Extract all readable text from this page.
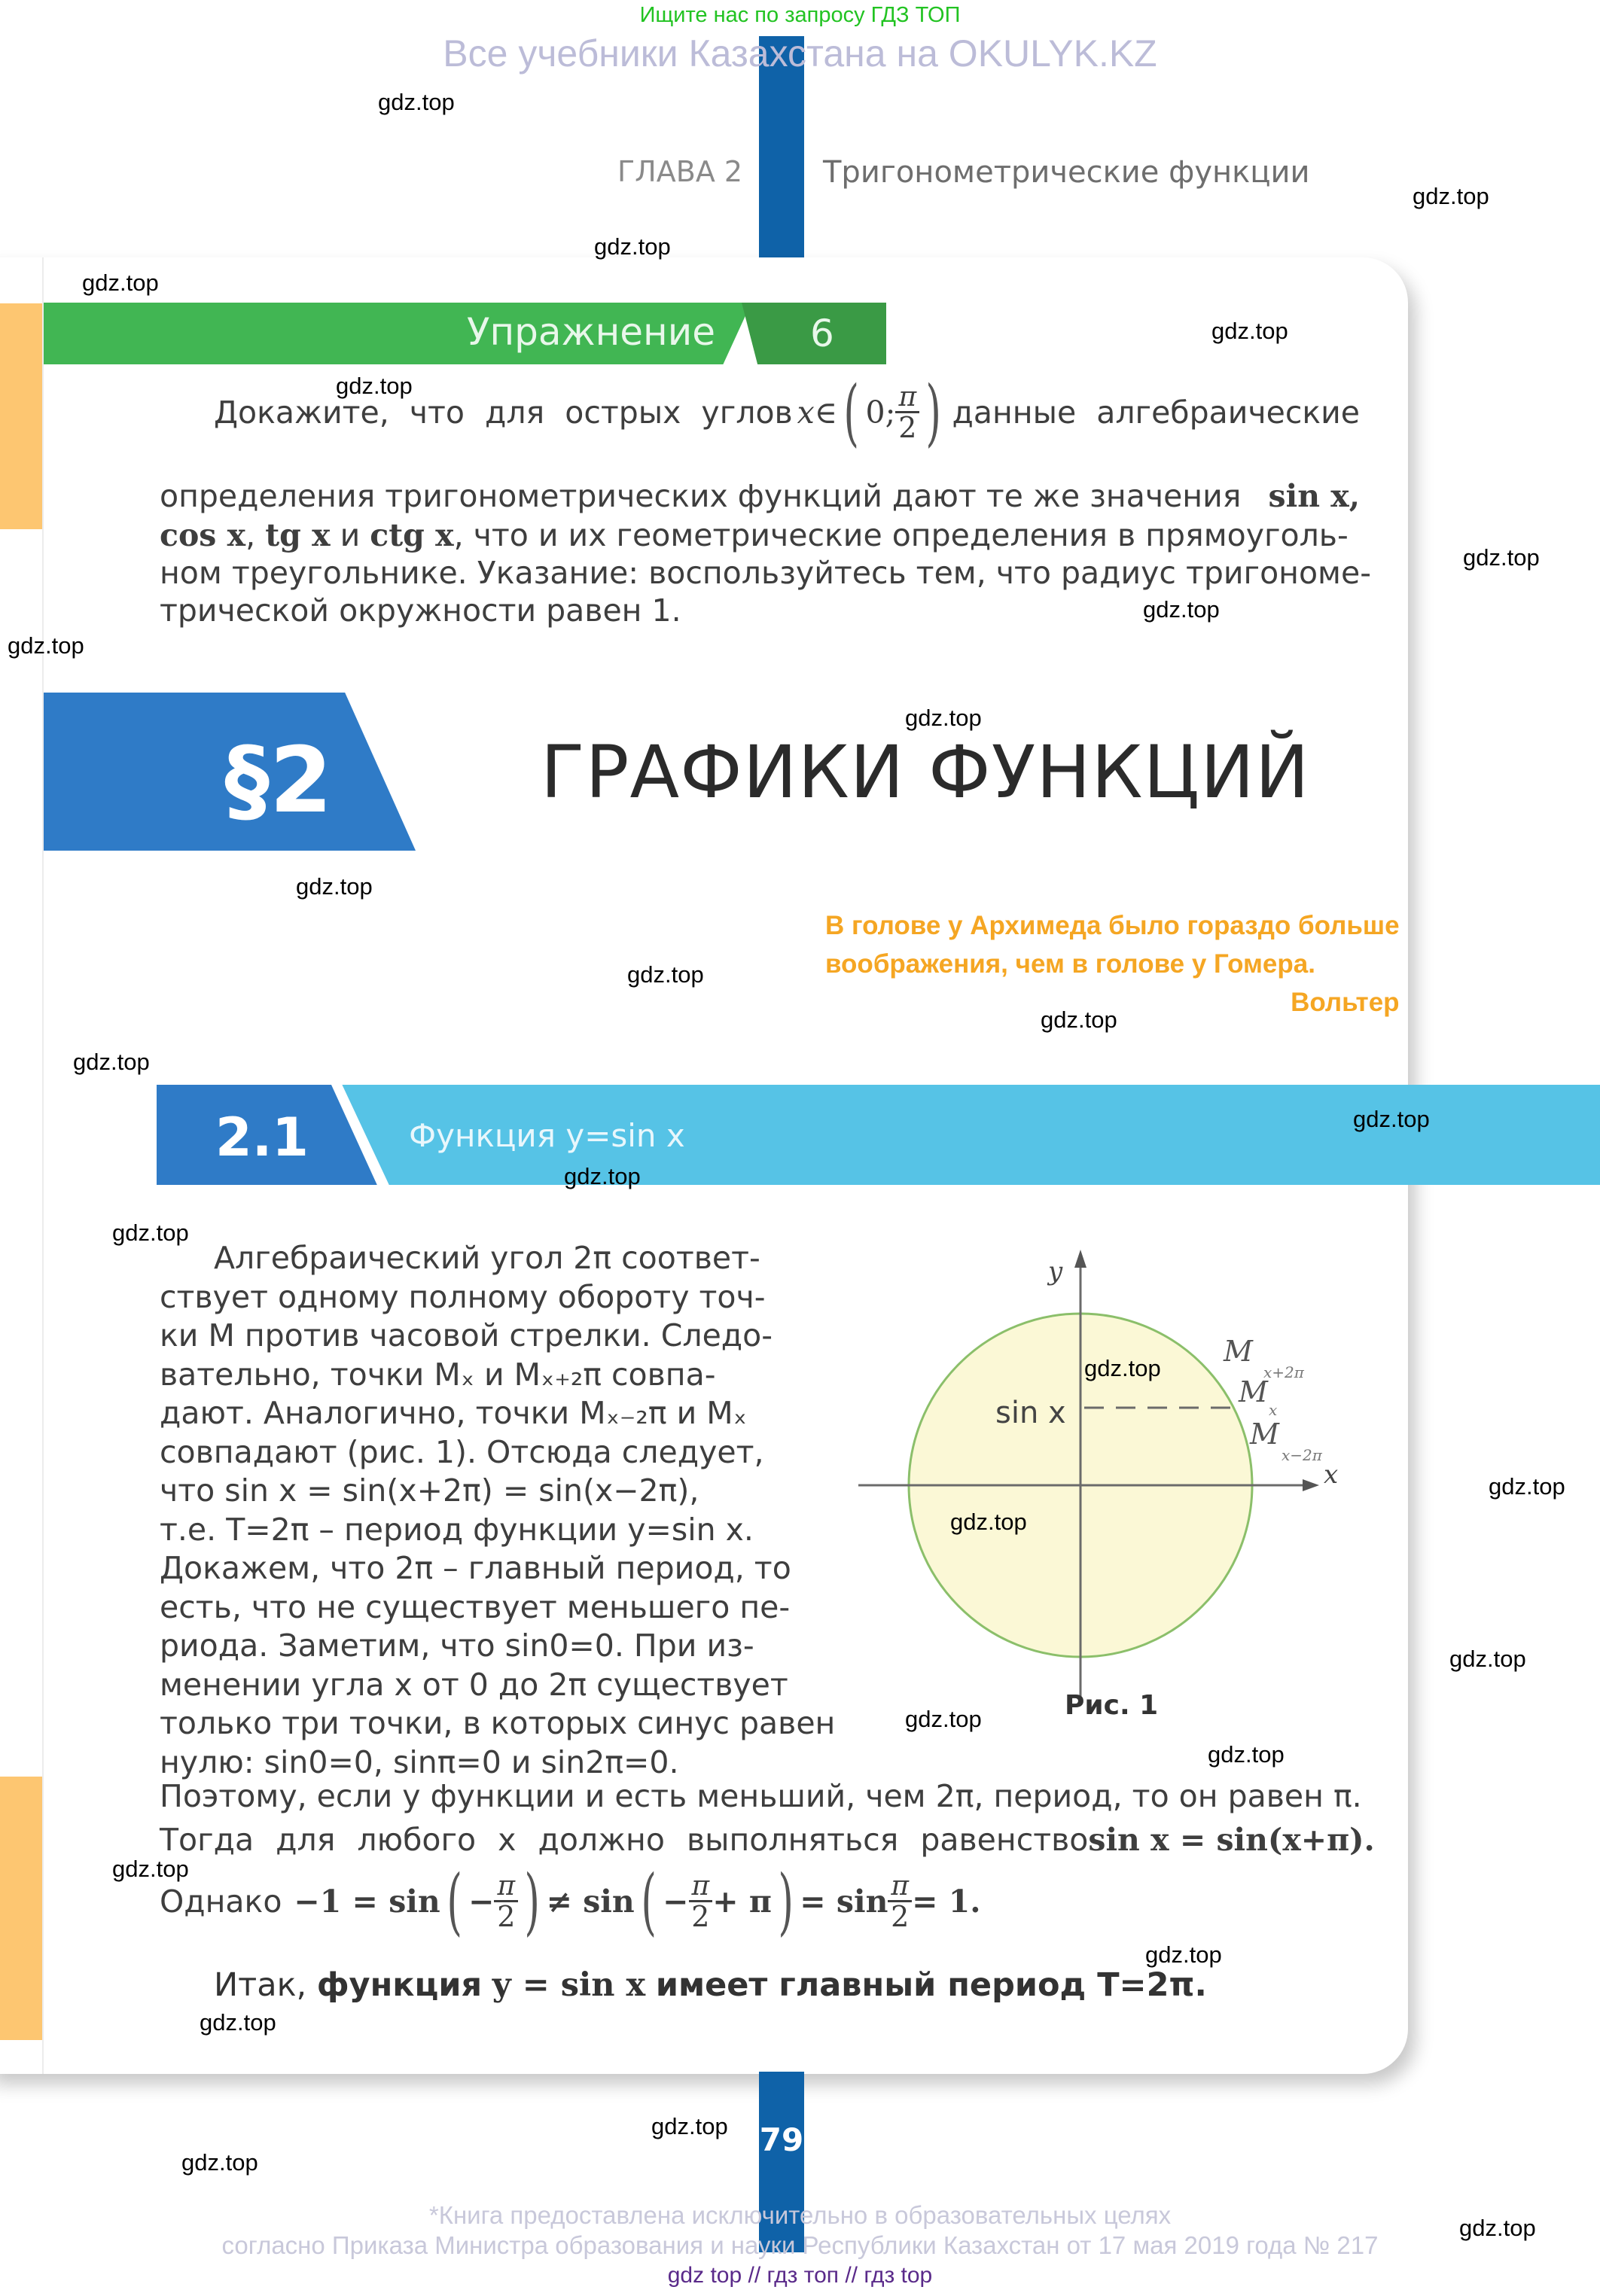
Ищите нас по запросу ГДЗ ТОП
Все учебники Казахстана на OKULYK.KZ
ГЛАВА 2	Тригонометрические функции
Упражнение	6
Докажите, что для острых углов x ∈ ( 0; $\frac{\pi}{2}$ ) данные алгебраические
определения тригонометрических функций дают те же значения sin x,
cos x, tg x и ctg x, что и их геометрические определения в прямоуголь-
ном треугольнике. Указание: воспользуйтесь тем, что радиус тригономе-
трической окружности равен 1.
§2	ГРАФИКИ ФУНКЦИЙ
В голове у Архимеда было гораздо больше
воображения, чем в голове у Гомера.
Вольтер
2.1	Функция y=sin x

Алгебраический угол 2π соответ-

ствует одному полному оборотy точ-

ки M против часовой стрелки. Следо-

вательно, точки Mₓ и Mₓ₊₂π совпа-

дают. Аналогично, точки Mₓ₋₂π и Mₓ

совпадают (рис. 1). Отсюда следует,

что sin x = sin(x+2π) = sin(x−2π),

т.е. T=2π – период функции y=sin x.

Докажем, что 2π – главный период, то

есть, что не существует меньшего пе-

риода. Заметим, что sin0=0. При из-

менении угла x от 0 до 2π существует

только три точки, в которых синус равен

нулю: sin0=0, sinπ=0 и sin2π=0.

y
x
sin x
M
x+2π
M
x
M
x−2π
Рис. 1
Поэтому, если у функции и есть меньший, чем 2π, период, то он равен π.
Тогда для любого x должно выполняться равенство sin x = sin(x+π).
Однако −1 = sin ( − $\frac{\pi}{2}$ ) ≠ sin ( − $\frac{\pi}{2} + \pi$ ) = $\sin \frac{\pi}{2} = 1$.
Итак, функция y = sin x имеет главный период T=2π.
79
*Книга предоставлена исключительно в образовательных целях
согласно Приказа Министра образования и науки Республики Казахстан от 17 мая 2019 года № 217
gdz top // гдз топ // гдз top
gdz.top
gdz.top
gdz.top
gdz.top
gdz.top
gdz.top
gdz.top
gdz.top
gdz.top
gdz.top
gdz.top
gdz.top
gdz.top
gdz.top
gdz.top
gdz.top
gdz.top
gdz.top
gdz.top
gdz.top
gdz.top
gdz.top
gdz.top
gdz.top
gdz.top
gdz.top
gdz.top
gdz.top
gdz.top
